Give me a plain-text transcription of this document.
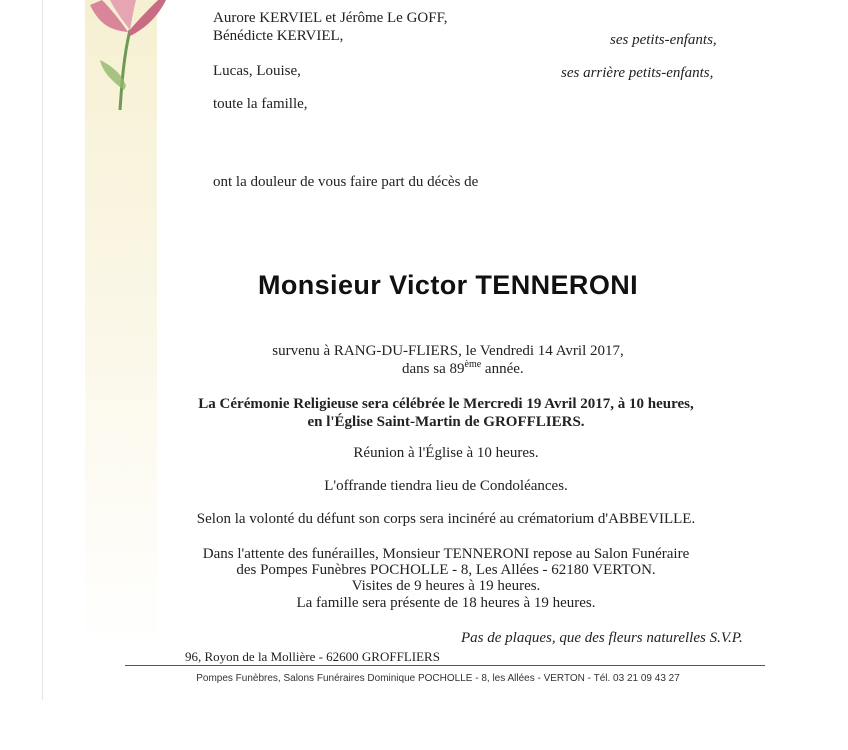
Aurore KERVIEL et Jérôme Le GOFF,
Bénédicte KERVIEL,	ses petits-enfants,
Lucas, Louise,	ses arrière petits-enfants,
toute la famille,
ont la douleur de vous faire part du décès de
Monsieur Victor TENNERONI
survenu à RANG-DU-FLIERS, le Vendredi 14 Avril 2017,
dans sa 89ème année.
La Cérémonie Religieuse sera célébrée le Mercredi 19 Avril 2017, à 10 heures,
en l'Église Saint-Martin de GROFFLIERS.
Réunion à l'Église à 10 heures.
L'offrande tiendra lieu de Condoléances.
Selon la volonté du défunt son corps sera incinéré au crématorium d'ABBEVILLE.
Dans l'attente des funérailles, Monsieur TENNERONI repose au Salon Funéraire
des Pompes Funèbres POCHOLLE - 8, Les Allées - 62180 VERTON.
Visites de 9 heures à 19 heures.
La famille sera présente de 18 heures à 19 heures.
Pas de plaques, que des fleurs naturelles S.V.P.
96, Royon de la Mollière - 62600 GROFFLIERS
Pompes Funèbres, Salons Funéraires Dominique POCHOLLE - 8, les Allées - VERTON - Tél. 03 21 09 43 27
